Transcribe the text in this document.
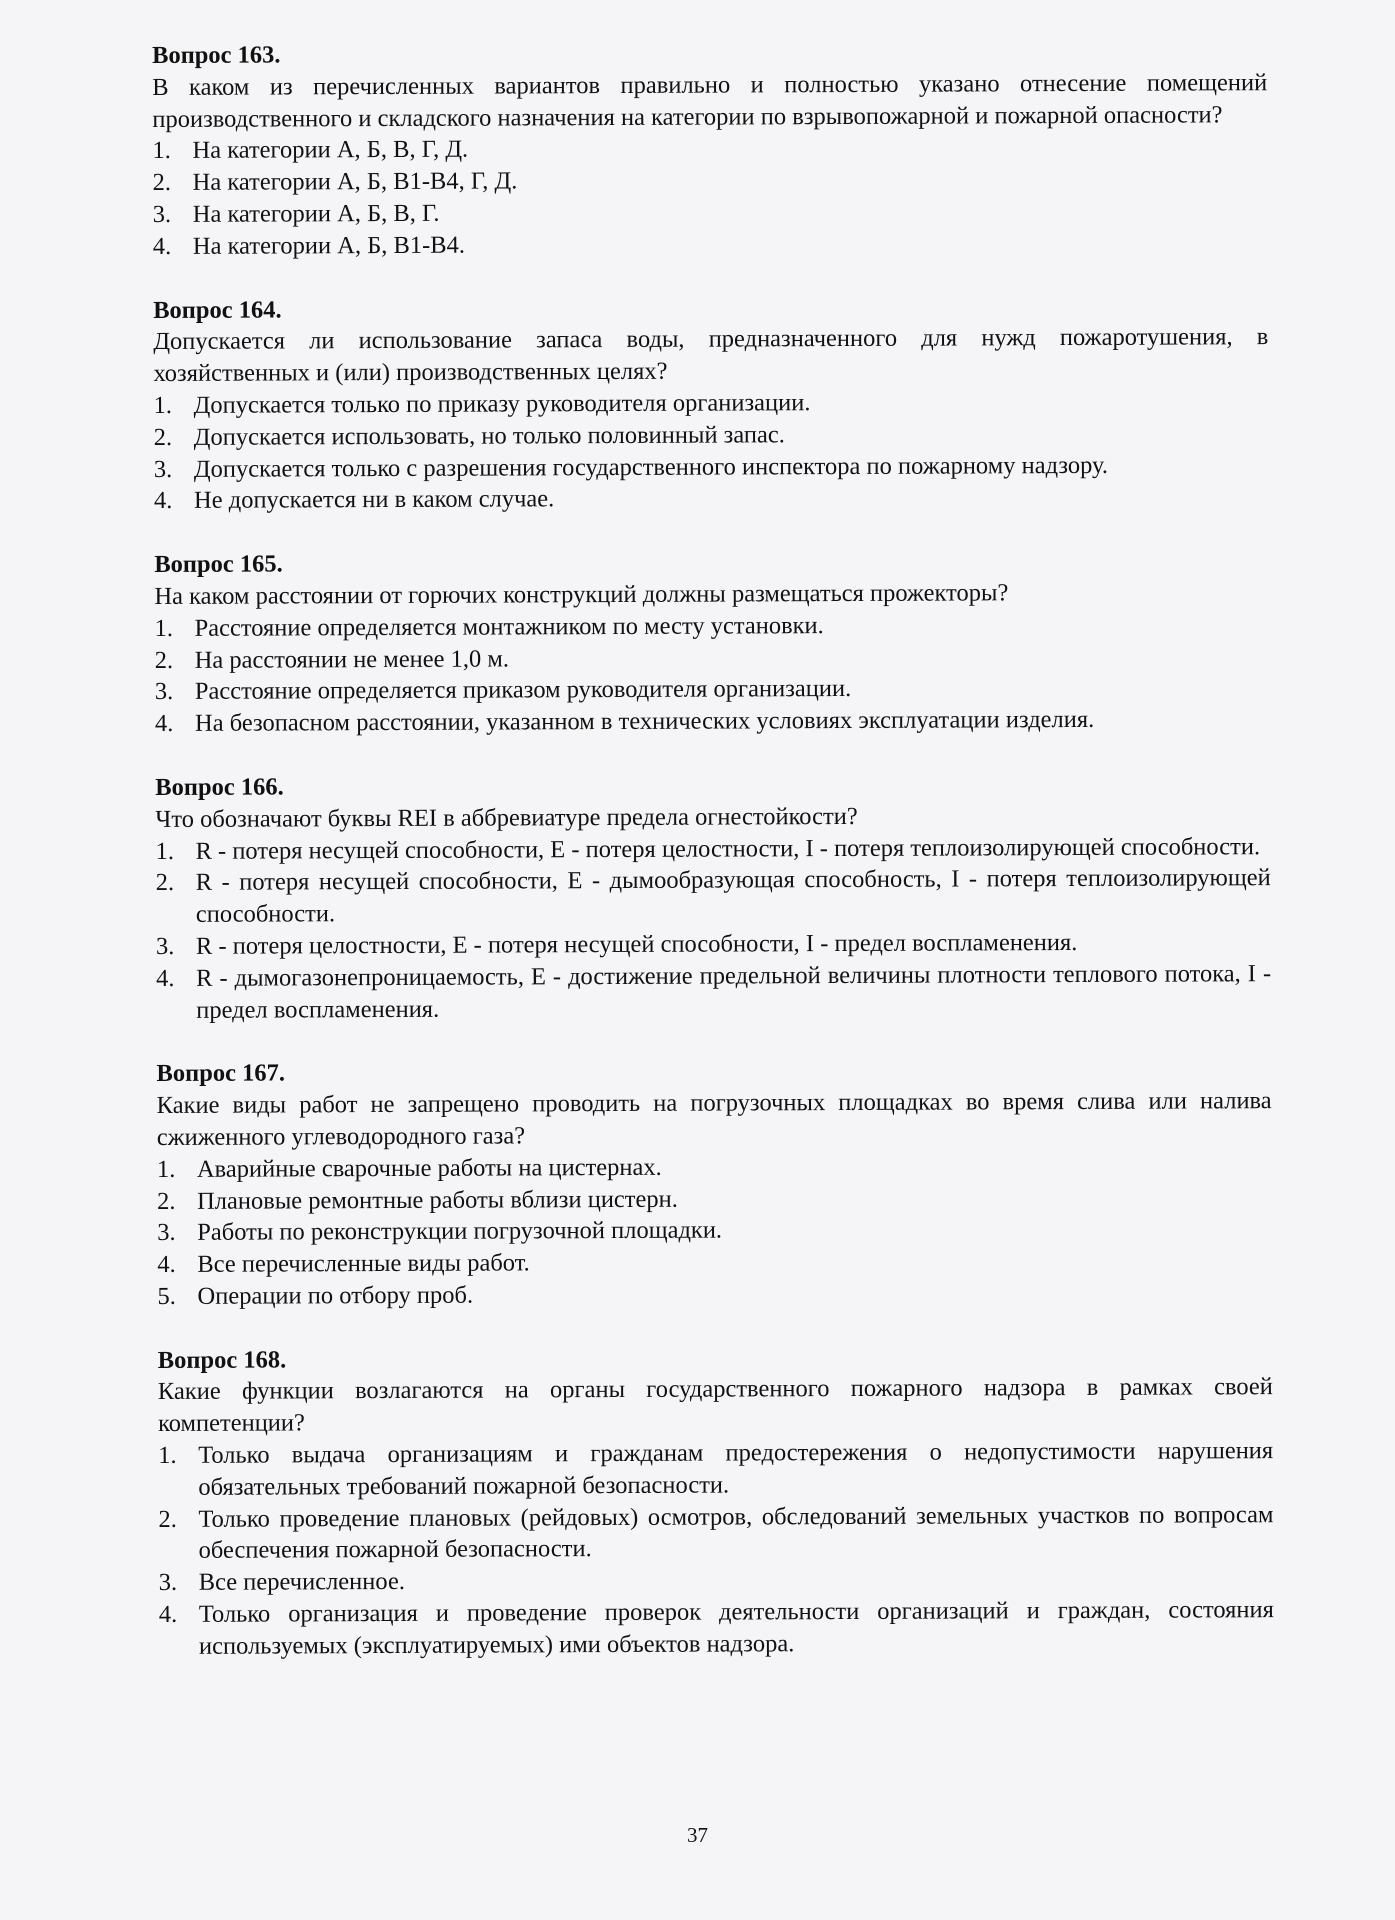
Вопрос 163.

В каком из перечисленных вариантов правильно и полностью указано отнесение помещений производственного и складского назначения на категории по взрывопожарной и пожарной опасности?

1. На категории А, Б, В, Г, Д.
2. На категории А, Б, В1-В4, Г, Д.
3. На категории А, Б, В, Г.
4. На категории А, Б, В1-В4.

Вопрос 164.

Допускается ли использование запаса воды, предназначенного для нужд пожаротушения, в хозяйственных и (или) производственных целях?

1. Допускается только по приказу руководителя организации.
2. Допускается использовать, но только половинный запас.
3. Допускается только с разрешения государственного инспектора по пожарному надзору.
4. Не допускается ни в каком случае.

Вопрос 165.

На каком расстоянии от горючих конструкций должны размещаться прожекторы?

1. Расстояние определяется монтажником по месту установки.
2. На расстоянии не менее 1,0 м.
3. Расстояние определяется приказом руководителя организации.
4. На безопасном расстоянии, указанном в технических условиях эксплуатации изделия.

Вопрос 166.

Что обозначают буквы REI в аббревиатуре предела огнестойкости?

1. R - потеря несущей способности, Е - потеря целостности, I - потеря теплоизолирующей способности.
2. R - потеря несущей способности, Е - дымообразующая способность, I - потеря теплоизолирующей способности.
3. R - потеря целостности, Е - потеря несущей способности, I - предел воспламенения.
4. R - дымогазонепроницаемость, Е - достижение предельной величины плотности теплового потока, I - предел воспламенения.

Вопрос 167.

Какие виды работ не запрещено проводить на погрузочных площадках во время слива или налива сжиженного углеводородного газа?

1. Аварийные сварочные работы на цистернах.
2. Плановые ремонтные работы вблизи цистерн.
3. Работы по реконструкции погрузочной площадки.
4. Все перечисленные виды работ.
5. Операции по отбору проб.

Вопрос 168.

Какие функции возлагаются на органы государственного пожарного надзора в рамках своей компетенции?

1. Только выдача организациям и гражданам предостережения о недопустимости нарушения обязательных требований пожарной безопасности.
2. Только проведение плановых (рейдовых) осмотров, обследований земельных участков по вопросам обеспечения пожарной безопасности.
3. Все перечисленное.
4. Только организация и проведение проверок деятельности организаций и граждан, состояния используемых (эксплуатируемых) ими объектов надзора.
37
